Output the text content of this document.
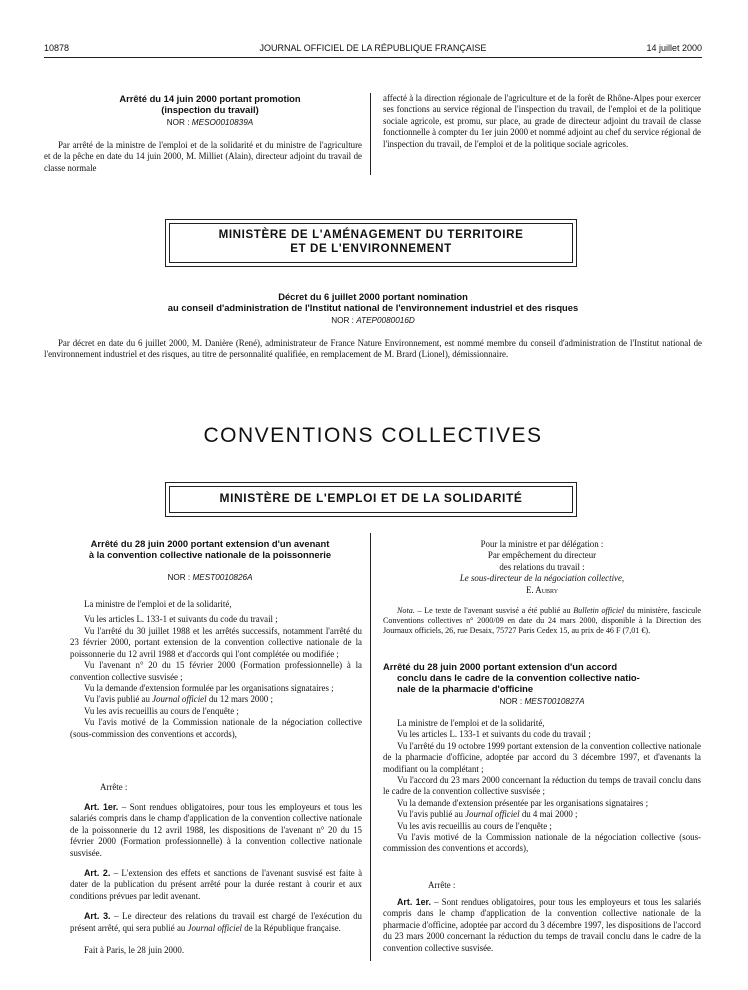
10878	JOURNAL OFFICIEL DE LA RÉPUBLIQUE FRANÇAISE	14 juillet 2000
Arrêté du 14 juin 2000 portant promotion
(inspection du travail)
NOR : MESO0010839A

Par arrêté de la ministre de l'emploi et de la solidarité et du ministre de l'agriculture et de la pêche en date du 14 juin 2000, M. Milliet (Alain), directeur adjoint du travail de classe normale

affecté à la direction régionale de l'agriculture et de la forêt de Rhône-Alpes pour exercer ses fonctions au service régional de l'inspection du travail, de l'emploi et de la politique sociale agricole, est promu, sur place, au grade de directeur adjoint du travail de classe fonctionnelle à compter du 1er juin 2000 et nommé adjoint au chef du service régional de l'inspection du travail, de l'emploi et de la politique sociale agricoles.

MINISTÈRE DE L'AMÉNAGEMENT DU TERRITOIRE
ET DE L'ENVIRONNEMENT
Décret du 6 juillet 2000 portant nomination
au conseil d'administration de l'Institut national de l'environnement industriel et des risques
NOR : ATEP0080016D

Par décret en date du 6 juillet 2000, M. Danière (René), administrateur de France Nature Environnement, est nommé membre du conseil d'administration de l'Institut national de l'environnement industriel et des risques, au titre de personnalité qualifiée, en remplacement de M. Brard (Lionel), démissionnaire.

CONVENTIONS COLLECTIVES
MINISTÈRE DE L'EMPLOI ET DE LA SOLIDARITÉ
Arrêté du 28 juin 2000 portant extension d'un avenant
à la convention collective nationale de la poissonnerie
NOR : MEST0010826A

La ministre de l'emploi et de la solidarité,

Vu les articles L. 133-1 et suivants du code du travail ;

Vu l'arrêté du 30 juillet 1988 et les arrêtés successifs, notamment l'arrêté du 23 février 2000, portant extension de la convention collective nationale de la poissonnerie du 12 avril 1988 et d'accords qui l'ont complétée ou modifiée ;

Vu l'avenant n° 20 du 15 février 2000 (Formation professionnelle) à la convention collective susvisée ;

Vu la demande d'extension formulée par les organisations signataires ;

Vu l'avis publié au Journal officiel du 12 mars 2000 ;

Vu les avis recueillis au cours de l'enquête ;

Vu l'avis motivé de la Commission nationale de la négociation collective (sous-commission des conventions et accords),

Arrête :

Art. 1er. – Sont rendues obligatoires, pour tous les employeurs et tous les salariés compris dans le champ d'application de la convention collective nationale de la poissonnerie du 12 avril 1988, les dispositions de l'avenant n° 20 du 15 février 2000 (Formation professionnelle) à la convention collective nationale susvisée.

Art. 2. – L'extension des effets et sanctions de l'avenant susvisé est faite à dater de la publication du présent arrêté pour la durée restant à courir et aux conditions prévues par ledit avenant.

Art. 3. – Le directeur des relations du travail est chargé de l'exécution du présent arrêté, qui sera publié au Journal officiel de la République française.

Fait à Paris, le 28 juin 2000.
Pour la ministre et par délégation :
Par empêchement du directeur
des relations du travail :
Le sous-directeur de la négociation collective,
E. Aubry

Nota. – Le texte de l'avenant susvisé a été publié au Bulletin officiel du ministère, fascicule Conventions collectives n° 2000/09 en date du 24 mars 2000, disponible à la Direction des Journaux officiels, 26, rue Desaix, 75727 Paris Cedex 15, au prix de 46 F (7,01 €).

Arrêté du 28 juin 2000 portant extension d'un accord
conclu dans le cadre de la convention collective natio-
nale de la pharmacie d'officine
NOR : MEST0010827A

La ministre de l'emploi et de la solidarité,

Vu les articles L. 133-1 et suivants du code du travail ;

Vu l'arrêté du 19 octobre 1999 portant extension de la convention collective nationale de la pharmacie d'officine, adoptée par accord du 3 décembre 1997, et d'avenants la modifiant ou la complétant ;

Vu l'accord du 23 mars 2000 concernant la réduction du temps de travail conclu dans le cadre de la convention collective susvisée ;

Vu la demande d'extension présentée par les organisations signataires ;

Vu l'avis publié au Journal officiel du 4 mai 2000 ;

Vu les avis recueillis au cours de l'enquête ;

Vu l'avis motivé de la Commission nationale de la négociation collective (sous-commission des conventions et accords),

Arrête :

Art. 1er. – Sont rendues obligatoires, pour tous les employeurs et tous les salariés compris dans le champ d'application de la convention collective nationale de la pharmacie d'officine, adoptée par accord du 3 décembre 1997, les dispositions de l'accord du 23 mars 2000 concernant la réduction du temps de travail conclu dans le cadre de la convention collective susvisée.
